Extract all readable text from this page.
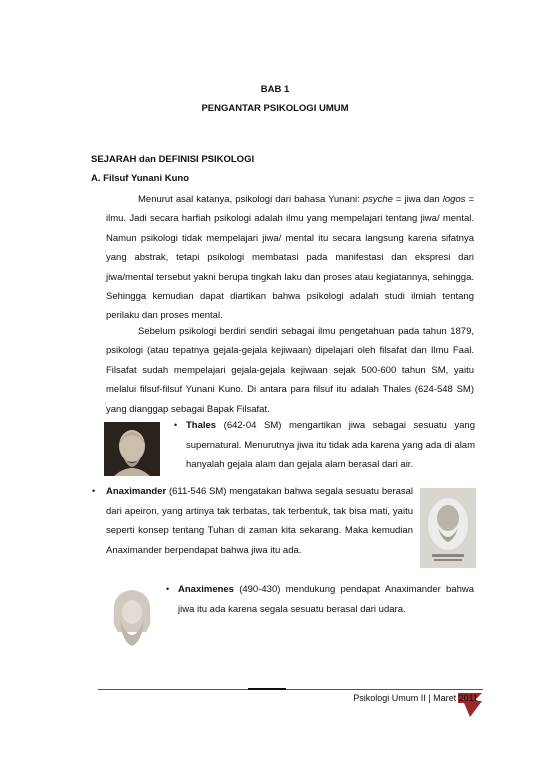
BAB 1
PENGANTAR PSIKOLOGI UMUM
SEJARAH dan DEFINISI PSIKOLOGI
A. Filsuf Yunani Kuno
Menurut asal katanya, psikologi dari bahasa Yunani: psyche = jiwa dan logos = ilmu. Jadi secara harfiah psikologi adalah ilmu yang mempelajari tentang jiwa/ mental. Namun psikologi tidak mempelajari jiwa/ mental itu secara langsung karena sifatnya yang abstrak, tetapi psikologi membatasi pada manifestasi dan ekspresi dari jiwa/mental tersebut yakni berupa tingkah laku dan proses atau kegiatannya, sehingga. Sehingga kemudian dapat diartikan bahwa psikologi adalah studi ilmiah tentang perilaku dan proses mental.
Sebelum psikologi berdiri sendiri sebagai ilmu pengetahuan pada tahun 1879, psikologi (atau tepatnya gejala-gejala kejiwaan) dipelajari oleh filsafat dan Ilmu Faal. Filsafat sudah mempelajari gejala-gejala kejiwaan sejak 500-600 tahun SM, yaitu melalui filsuf-filsuf Yunani Kuno. Di antara para filsuf itu adalah Thales (624-548 SM) yang dianggap sebagai Bapak Filsafat.
• Thales (642-04 SM) mengartikan jiwa sebagai sesuatu yang supernatural. Menurutnya jiwa itu tidak ada karena yang ada di alam hanyalah gejala alam dan gejala alam berasal dari air.
• Anaximander (611-546 SM) mengatakan bahwa segala sesuatu berasal dari apeiron, yang artinya tak terbatas, tak terbentuk, tak bisa mati, yaitu seperti konsep tentang Tuhan di zaman kita sekarang. Maka kemudian Anaximander berpendapat bahwa jiwa itu ada.
• Anaximenes (490-430) mendukung pendapat Anaximander bahwa jiwa itu ada karena segala sesuatu berasal dari udara.
Psikologi Umum II | Maret 2011
